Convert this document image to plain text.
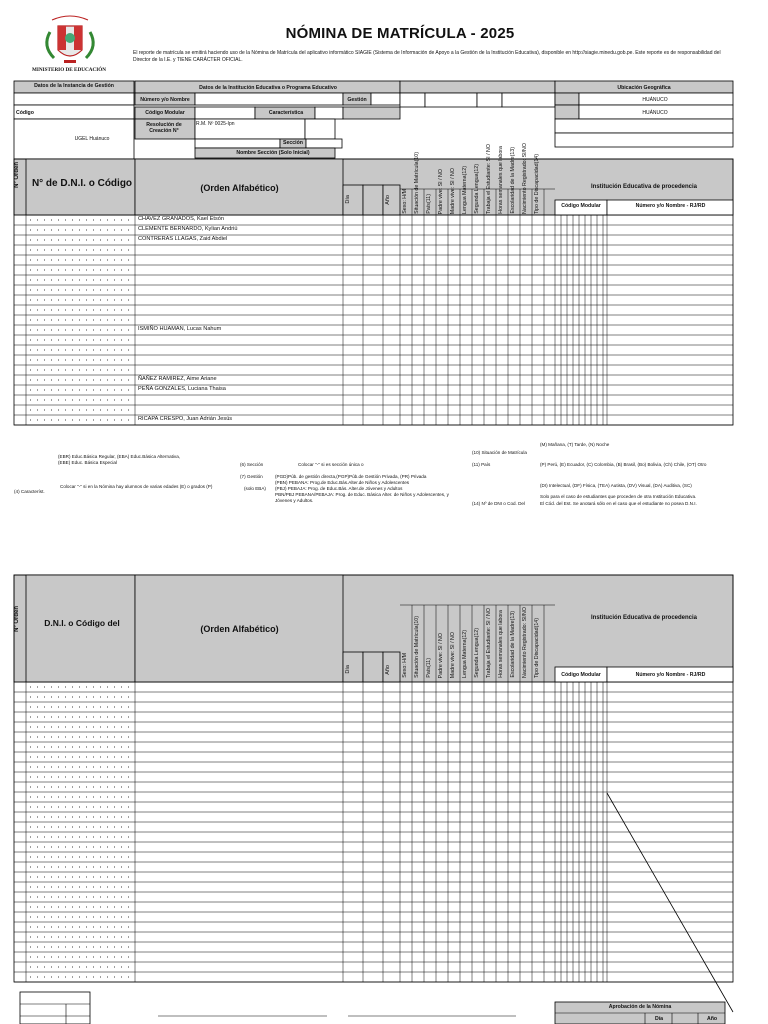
MINISTERIO DE EDUCACIÓN
NÓMINA DE MATRÍCULA - 2025
El reporte de matrícula se emitirá haciendo uso de la Nómina de Matrícula del aplicativo informático SIAGIE (Sistema de Información de Apoyo a la Gestión de la Institución Educativa), disponible en http://siagie.minedu.gob.pe. Este reporte es de responsabilidad del Director de la I.E. y TIENE CARÁCTER OFICIAL.
Datos de la Instancia de Gestión	Datos de la Institución Educativa o Programa Educativo	Ubicación Geográfica
Código
Número y/o Nombre	Gestión
Código Modular	Característica
Resolución de Creación N°
R.M. Nº 0025-Ipn
Sección
Nombre Sección (Solo Inicial)
UGEL Huánuco
HUÁNUCO
HUÁNUCO
Nº Orden N° de D.N.I. o Código	(Orden Alfabético)
Día	Año Sexo: H/M Situación de Matrícula(10) País(11) Padre vive: SI / NO Madre vive: SI / NO Lengua Materna(12) Segunda Lengua(12) Trabaja el Estudiante: SI / NO Horas semanales que labora Escolaridad de la Madre(13) Nacimiento Registrado: SI/NO Tipo de Discapacidad(14)	Institución Educativa de procedencia
Código Modular	Número y/o Nombre - RJ/RD
CHAVEZ GRANADOS, Kael Etsón
CLEMENTE BERNARDO, Kylian Andriú
CONTRERAS LLAGAS, Zaid Abdiel
ISMIÑO HUAMAN, Lucas Nahum
ÑAÑEZ RAMIREZ, Aime Ariane
PEÑA GONZALES, Luciana Thaisa
RICAPA CRESPO, Juan Adrián Jesús
(EBR) Educ.Básica Regular, (EBA) Educ.Básica Alternativa,
(EBE) Educ. Básica Especial
(4) Característ.
Colocar "-" si en la Nómina hay alumnos de varias edades (E) o grados (P)
(6) Sección	Colocar "-" si es sección única o
(7) Gestión	(PGD)Púb. de gestión directa,(PGP)Púb.de Gestión Privada, (PR) Privada
(PBN) PEBANA: Prog.de Educ.Bás.Alter.de Niños y Adolescentes
(PBJ) PEBAJA: Prog. de Educ.Bás. Alter.de Jóvenes y Adultos
PBN/PBJ PEBANA/PEBAJA: Prog. de Educ. Básica Alter. de Niños y Adolescentes, y Jóvenes y Adultos.
(solo EBA)
(10) Situación de Matrícula
(11) País
(14) Nº de DNI o Cod. Del
(M) Mañana, (T) Tarde, (N) Noche
(P) Perú, (E) Ecuador, (C) Colombia, (B) Brasil, (Bo) Bolivia, (Ch) Chile, (OT) Otro
(DI) Intelectual, (DF) Física, (TEA) Autista, (DV) Visual, (DA) Auditiva, (SC)
Solo para el caso de estudiantes que proceden de otra Institución Educativa.
El Cód. del Est. Se anotará sólo en el caso que el estudiante no posea D.N.I.
Nº Orden	D.N.I. o Código del
(Orden Alfabético)
Día	Año Sexo: H/M Situación de Matrícula(10) País(11) Padre vive: SI / NO Madre vive: SI / NO Lengua Materna(12) Segunda Lengua(12) Trabaja el Estudiante: SI / NO Horas semanales que labora Escolaridad de la Madre(13) Nacimiento Registrado: SI/NO Tipo de Discapacidad(14)	Institución Educativa de procedencia
Código Modular	Número y/o Nombre - RJ/RD
Aprobación de la Nómina
Día	Año
